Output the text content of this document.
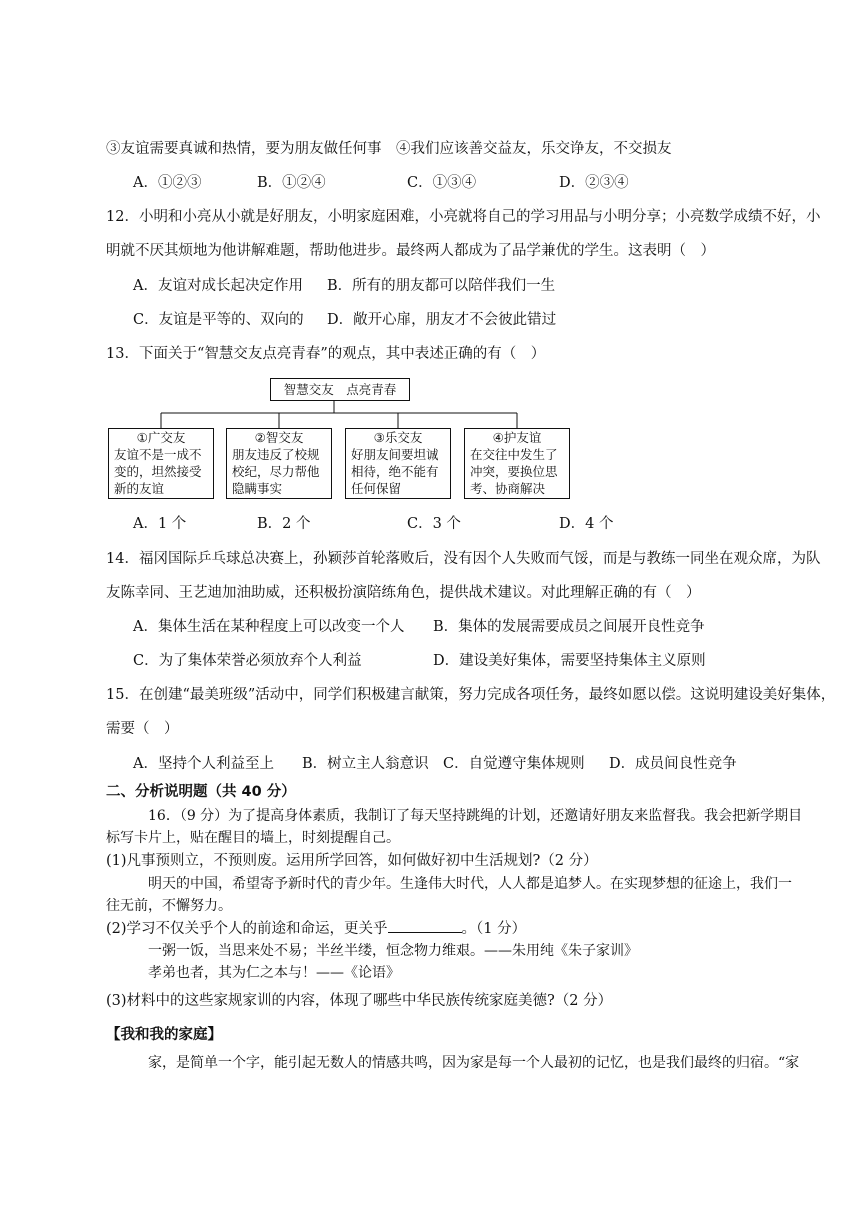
③友谊需要真诚和热情，要为朋友做任何事　④我们应该善交益友，乐交诤友，不交损友
A．①②③	B．①②④	C．①③④	D．②③④
12．小明和小亮从小就是好朋友，小明家庭困难，小亮就将自己的学习用品与小明分享；小亮数学成绩不好，小
明就不厌其烦地为他讲解难题，帮助他进步。最终两人都成为了品学兼优的学生。这表明（　）
A．友谊对成长起决定作用 B．所有的朋友都可以陪伴我们一生
C．友谊是平等的、双向的 D．敞开心扉，朋友才不会彼此错过
13．下面关于“智慧交友点亮青春”的观点，其中表述正确的有（　）
智慧交友　点亮青春
①广交友
友谊不是一成不
变的，坦然接受
新的友谊
②智交友
朋友违反了校规
校纪，尽力帮他
隐瞒事实
③乐交友
好朋友间要坦诚
相待，绝不能有
任何保留
④护友谊
在交往中发生了
冲突，要换位思
考、协商解决
A．1 个	B．2 个	C．3 个	D．4 个
14．福冈国际乒乓球总决赛上，孙颖莎首轮落败后，没有因个人失败而气馁，而是与教练一同坐在观众席，为队
友陈幸同、王艺迪加油助威，还积极扮演陪练角色，提供战术建议。对此理解正确的有（　）
A．集体生活在某种程度上可以改变一个人 B．集体的发展需要成员之间展开良性竞争
C．为了集体荣誉必须放弃个人利益	D．建设美好集体，需要坚持集体主义原则
15．在创建“最美班级”活动中，同学们积极建言献策，努力完成各项任务，最终如愿以偿。这说明建设美好集体，
需要（　）
A．坚持个人利益至上 B．树立主人翁意识 C．自觉遵守集体规则 D．成员间良性竞争
二、分析说明题（共 40 分）
16．（9 分）为了提高身体素质，我制订了每天坚持跳绳的计划，还邀请好朋友来监督我。我会把新学期目
标写卡片上，贴在醒目的墙上，时刻提醒自己。
(1)凡事预则立，不预则废。运用所学回答，如何做好初中生活规划?（2 分）
明天的中国，希望寄予新时代的青少年。生逢伟大时代，人人都是追梦人。在实现梦想的征途上，我们一
往无前，不懈努力。
(2)学习不仅关乎个人的前途和命运，更关乎	。（1 分）
一粥一饭，当思来处不易；半丝半缕，恒念物力维艰。——朱用纯《朱子家训》
孝弟也者，其为仁之本与！——《论语》
(3)材料中的这些家规家训的内容，体现了哪些中华民族传统家庭美德?（2 分）
【我和我的家庭】
家，是简单一个字，能引起无数人的情感共鸣，因为家是每一个人最初的记忆，也是我们最终的归宿。“家
